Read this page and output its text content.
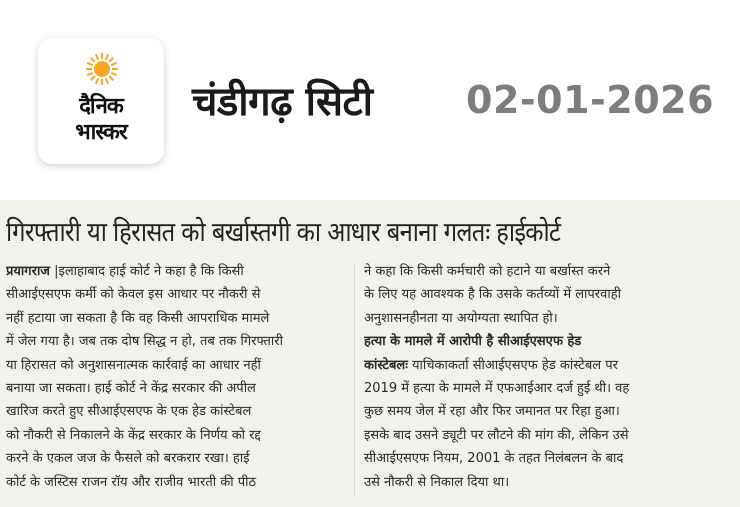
दैनिक
भास्कर
चंडीगढ़ सिटी 02-01-2026
गिरफ्तारी या हिरासत को बर्खास्तगी का आधार बनाना गलतः हाईकोर्ट
प्रयागराज |इलाहाबाद हाई कोर्ट ने कहा है कि किसी
सीआईएसएफ कर्मी को केवल इस आधार पर नौकरी से
नहीं हटाया जा सकता है कि वह किसी आपराधिक मामले
में जेल गया है। जब तक दोष सिद्ध न हो, तब तक गिरफ्तारी
या हिरासत को अनुशासनात्मक कार्रवाई का आधार नहीं
बनाया जा सकता। हाई कोर्ट ने केंद्र सरकार की अपील
खारिज करते हुए सीआईएसएफ के एक हेड कांस्टेबल
को नौकरी से निकालने के केंद्र सरकार के निर्णय को रद्द
करने के एकल जज के फैसले को बरकरार रखा। हाई
कोर्ट के जस्टिस राजन रॉय और राजीव भारती की पीठ
ने कहा कि किसी कर्मचारी को हटाने या बर्खास्त करने
के लिए यह आवश्यक है कि उसके कर्तव्यों में लापरवाही
अनुशासनहीनता या अयोग्यता स्थापित हो।
हत्या के मामले में आरोपी है सीआईएसएफ हेड
कांस्टेबलः याचिकाकर्ता सीआईएसएफ हेड कांस्टेबल पर
2019 में हत्या के मामले में एफआईआर दर्ज हुई थी। वह
कुछ समय जेल में रहा और फिर जमानत पर रिहा हुआ।
इसके बाद उसने ड्यूटी पर लौटने की मांग की, लेकिन उसे
सीआईएसएफ नियम, 2001 के तहत निलंबलन के बाद
उसे नौकरी से निकाल दिया था।
